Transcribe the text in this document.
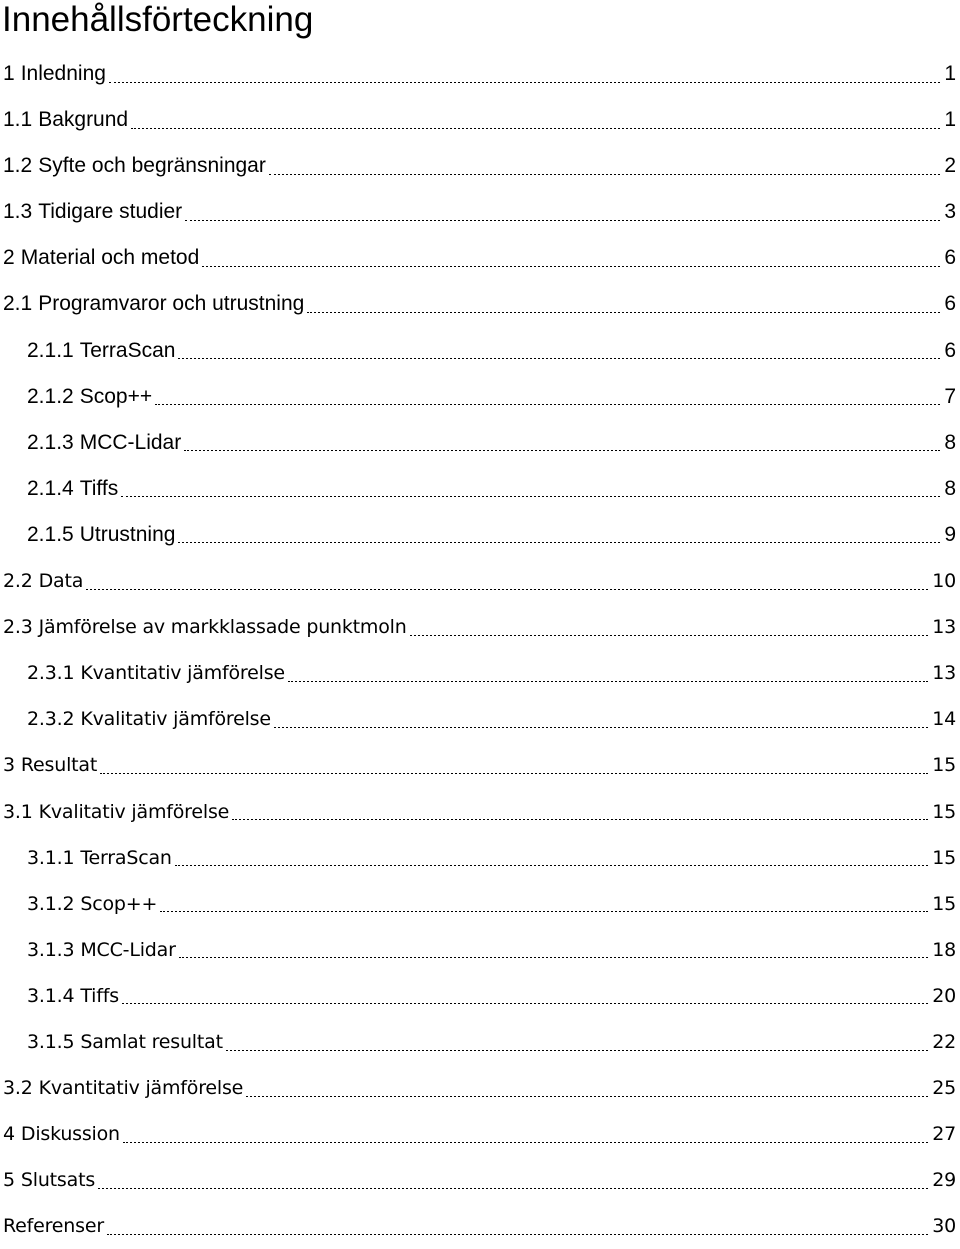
Innehållsförteckning
1 Inledning	1
1.1 Bakgrund	1
1.2 Syfte och begränsningar	2
1.3 Tidigare studier	3
2 Material och metod	6
2.1 Programvaror och utrustning	6
2.1.1 TerraScan	6
2.1.2 Scop++	7
2.1.3 MCC-Lidar	8
2.1.4 Tiffs	8
2.1.5 Utrustning	9
2.2 Data	10
2.3 Jämförelse av markklassade punktmoln	13
2.3.1 Kvantitativ jämförelse	13
2.3.2 Kvalitativ jämförelse	14
3 Resultat	15
3.1 Kvalitativ jämförelse	15
3.1.1 TerraScan	15
3.1.2 Scop++	15
3.1.3 MCC-Lidar	18
3.1.4 Tiffs	20
3.1.5 Samlat resultat	22
3.2 Kvantitativ jämförelse	25
4 Diskussion	27
5 Slutsats	29
Referenser	30
